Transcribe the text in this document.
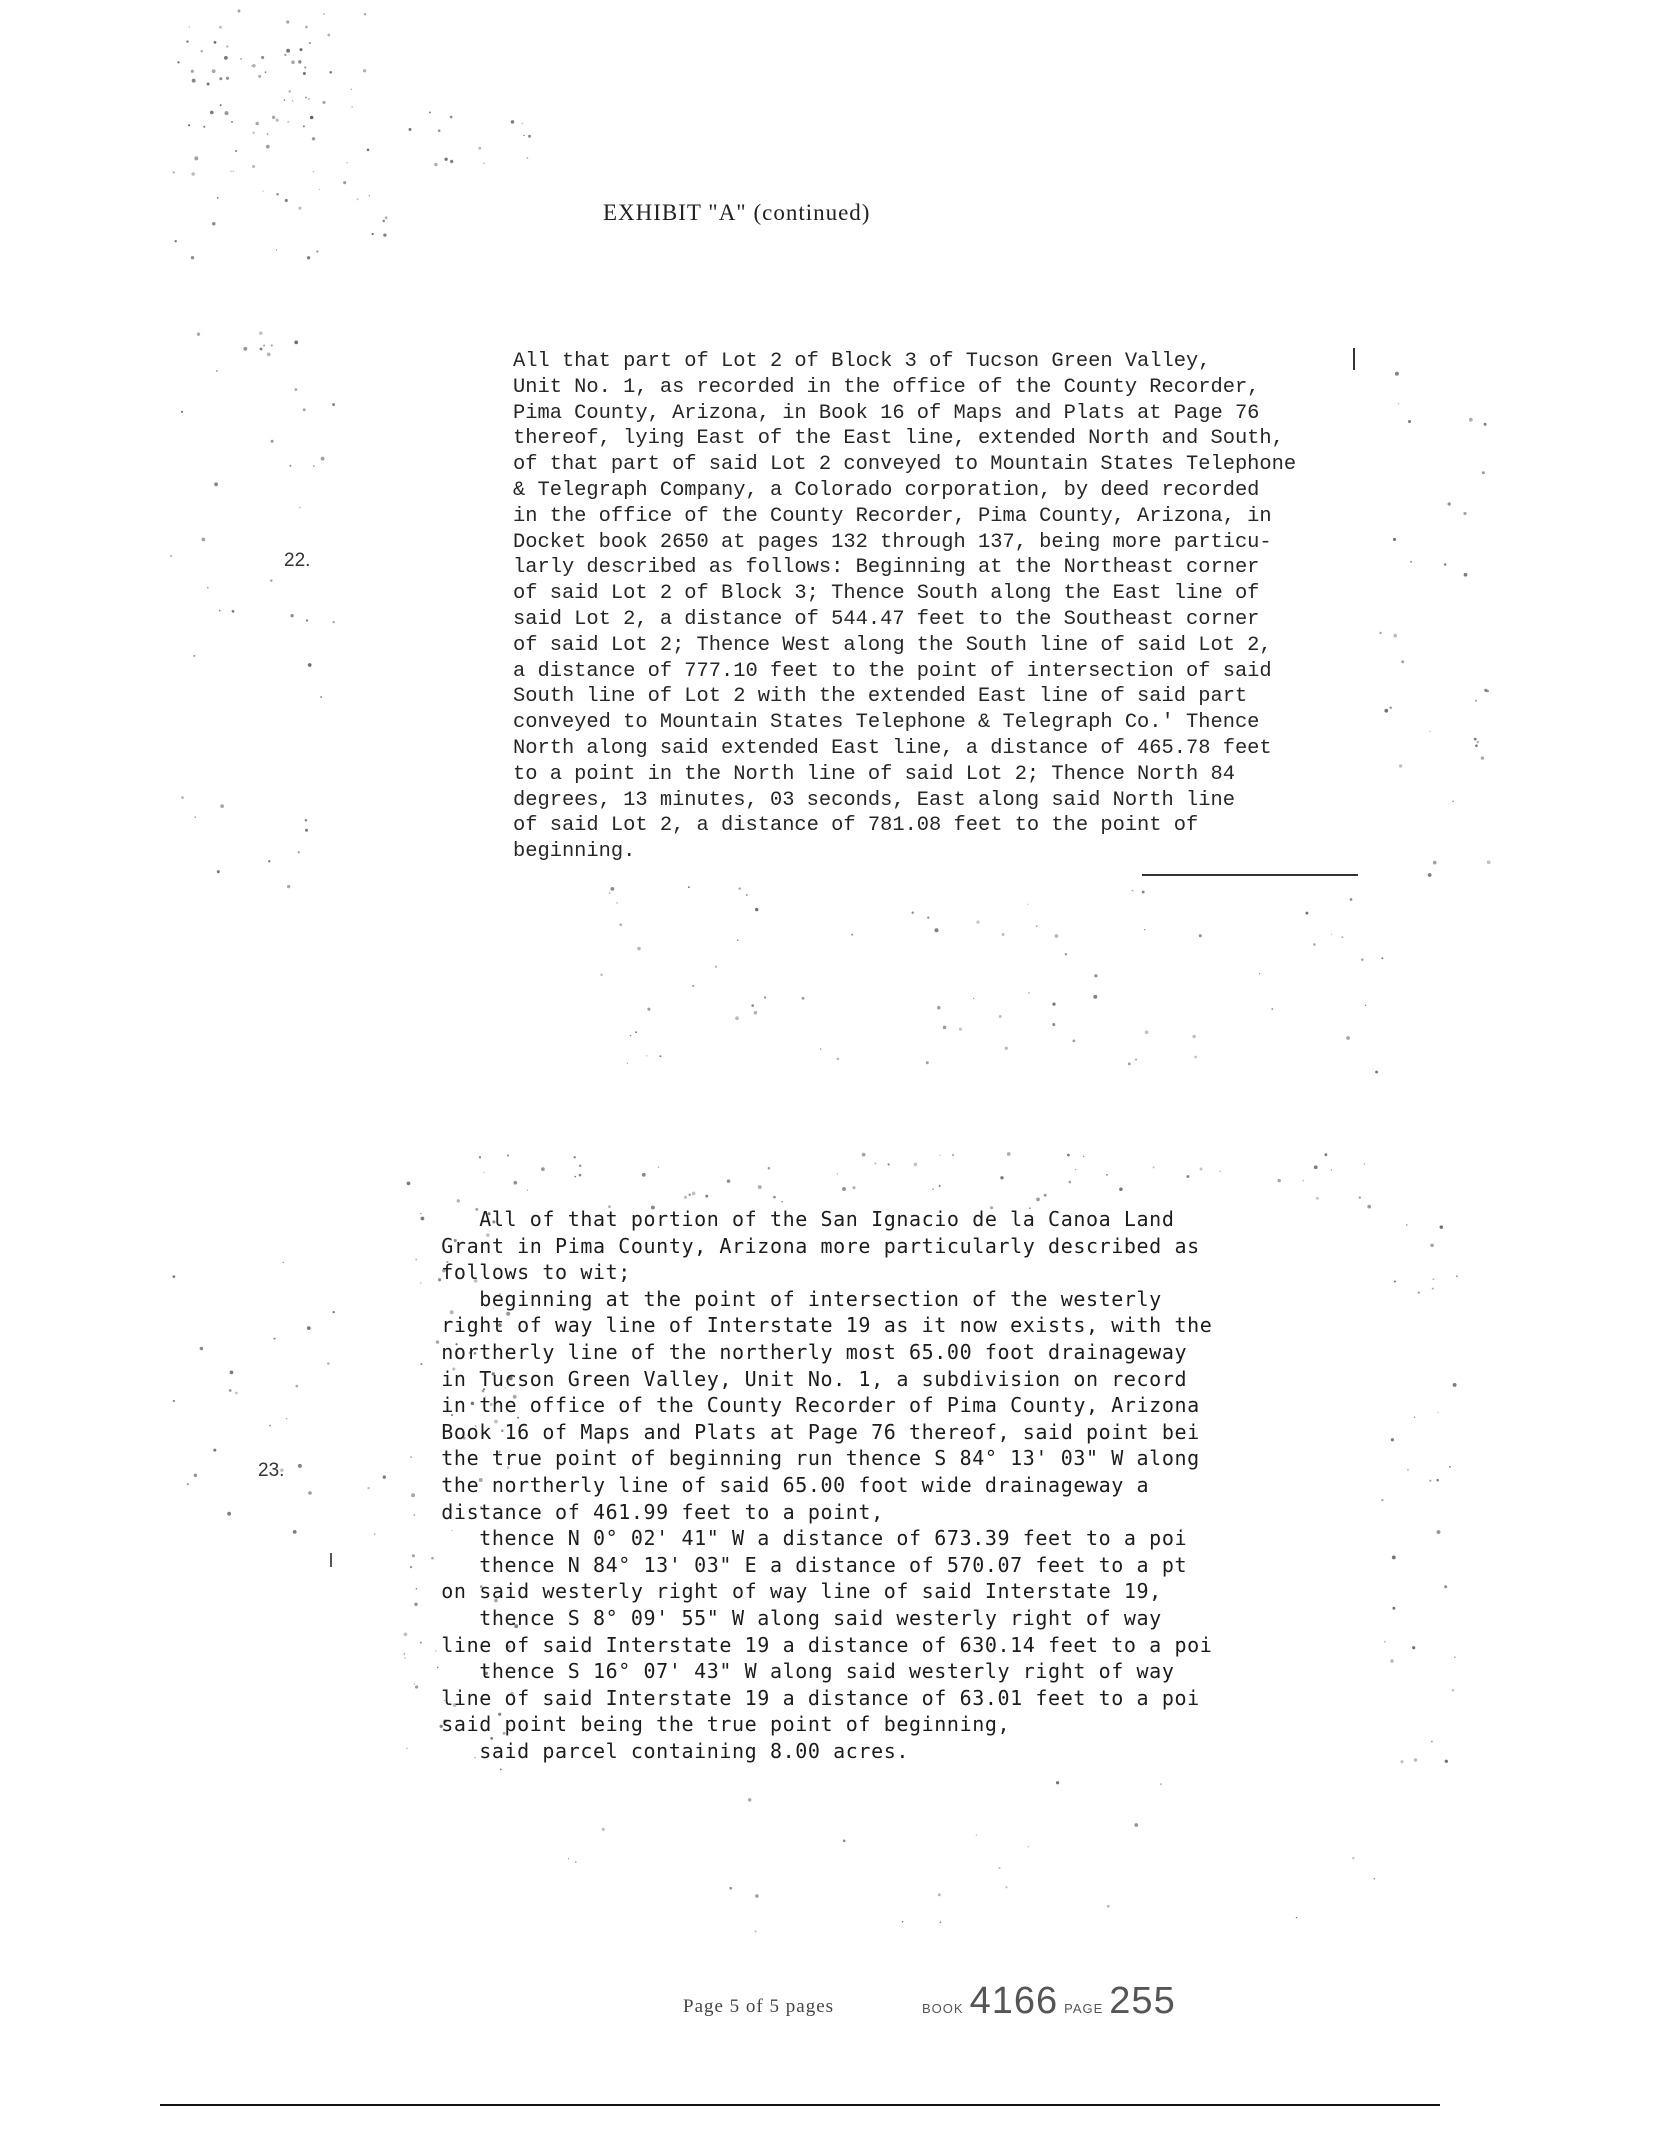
EXHIBIT "A" (continued)
22.
All that part of Lot 2 of Block 3 of Tucson Green Valley,
Unit No. 1, as recorded in the office of the County Recorder,
Pima County, Arizona, in Book 16 of Maps and Plats at Page 76
thereof, lying East of the East line, extended North and South,
of that part of said Lot 2 conveyed to Mountain States Telephone
& Telegraph Company, a Colorado corporation, by deed recorded
in the office of the County Recorder, Pima County, Arizona, in
Docket book 2650 at pages 132 through 137, being more particu-
larly described as follows: Beginning at the Northeast corner
of said Lot 2 of Block 3; Thence South along the East line of
said Lot 2, a distance of 544.47 feet to the Southeast corner
of said Lot 2; Thence West along the South line of said Lot 2,
a distance of 777.10 feet to the point of intersection of said
South line of Lot 2 with the extended East line of said part
conveyed to Mountain States Telephone & Telegraph Co.' Thence
North along said extended East line, a distance of 465.78 feet
to a point in the North line of said Lot 2; Thence North 84
degrees, 13 minutes, 03 seconds, East along said North line
of said Lot 2, a distance of 781.08 feet to the point of
beginning.
23.
All of that portion of the San Ignacio de la Canoa Land
Grant in Pima County, Arizona more particularly described as
follows to wit;
beginning at the point of intersection of the westerly
right of way line of Interstate 19 as it now exists, with the
northerly line of the northerly most 65.00 foot drainageway
in Tucson Green Valley, Unit No. 1, a subdivision on record
in the office of the County Recorder of Pima County, Arizona
Book 16 of Maps and Plats at Page 76 thereof, said point bei
the true point of beginning run thence S 84° 13' 03" W along
the northerly line of said 65.00 foot wide drainageway a
distance of 461.99 feet to a point,
thence N 0° 02' 41" W a distance of 673.39 feet to a poi
thence N 84° 13' 03" E a distance of 570.07 feet to a pt
on said westerly right of way line of said Interstate 19,
thence S 8° 09' 55" W along said westerly right of way
line of said Interstate 19 a distance of 630.14 feet to a poi
thence S 16° 07' 43" W along said westerly right of way
line of said Interstate 19 a distance of 63.01 feet to a poi
said point being the true point of beginning,
said parcel containing 8.00 acres.
Page 5 of 5 pages	BOOK 4166 PAGE 255
